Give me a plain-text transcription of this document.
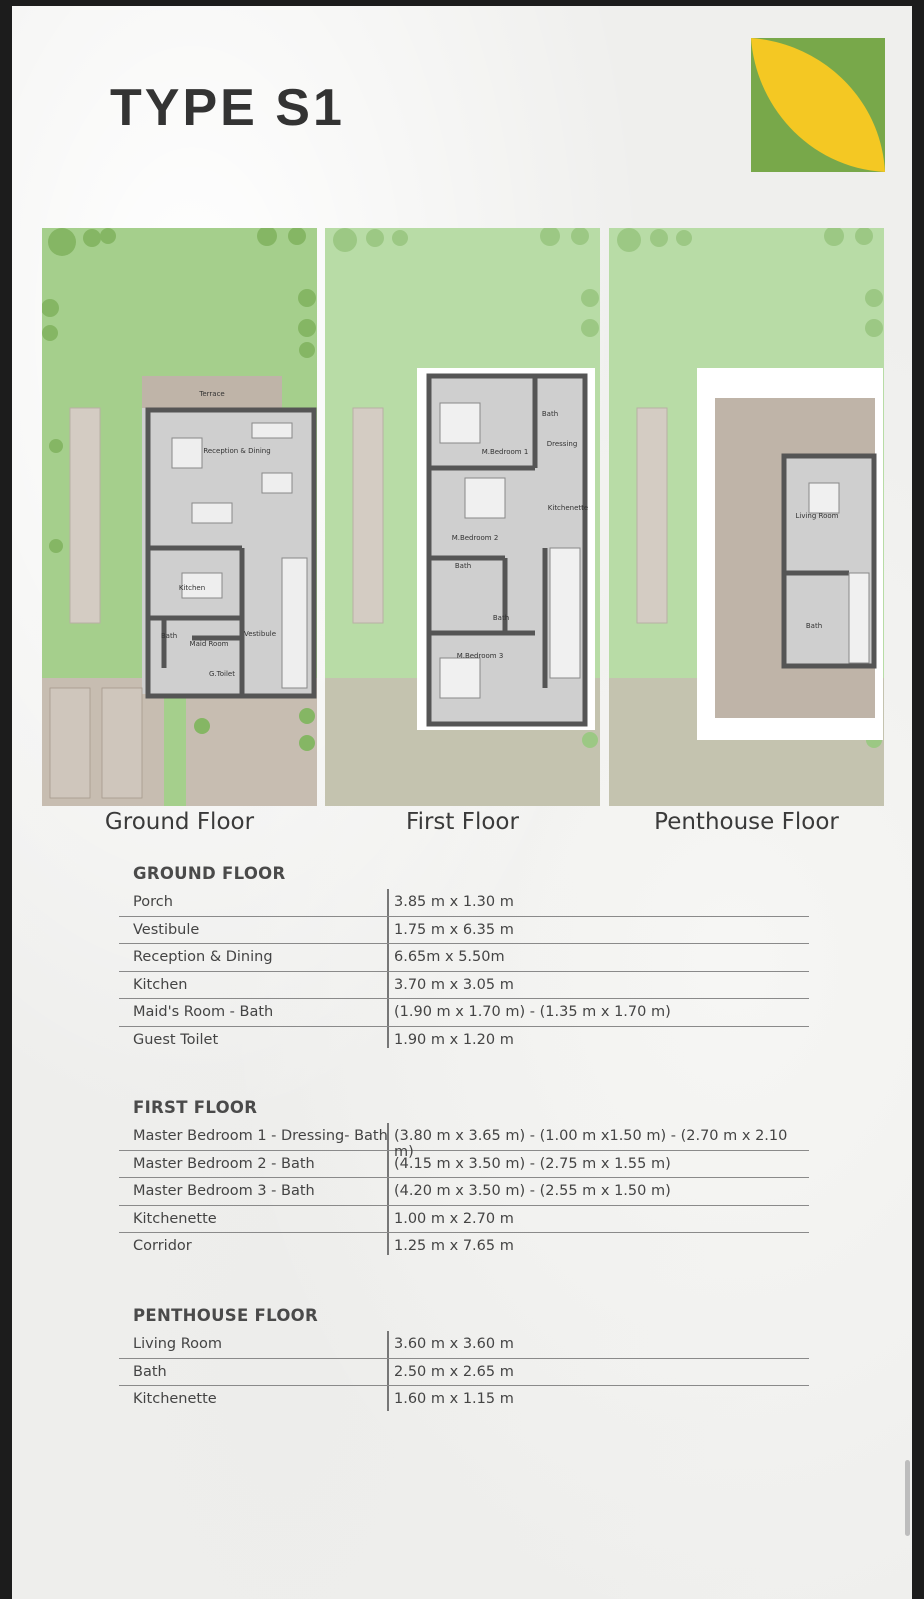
TYPE S1
Terrace
Reception & Dining
Kitchen
Bath
Maid Room
Vestibule
G.Toilet
Bath
Dressing
M.Bedroom 1
Kitchenette
M.Bedroom 2
Bath
Bath
M.Bedroom 3
Living Room
Bath
Ground Floor	First Floor	Penthouse Floor
GROUND FLOOR
Porch	3.85 m x 1.30 m
Vestibule	1.75 m x 6.35 m
Reception & Dining	6.65m x 5.50m
Kitchen	3.70 m x 3.05 m
Maid's Room - Bath	(1.90 m x 1.70 m) - (1.35 m x 1.70 m)
Guest Toilet	1.90 m x 1.20 m
FIRST FLOOR
Master Bedroom 1 - Dressing- Bath (3.80 m x 3.65 m) - (1.00 m x1.50 m) - (2.70 m x 2.10 m)
Master Bedroom 2 - Bath	(4.15 m x 3.50 m) - (2.75 m x 1.55 m)
Master Bedroom 3 - Bath	(4.20 m x 3.50 m) - (2.55 m x 1.50 m)
Kitchenette	1.00 m x 2.70 m
Corridor	1.25 m x 7.65 m
PENTHOUSE FLOOR
Living Room	3.60 m x 3.60 m
Bath	2.50 m x 2.65 m
Kitchenette	1.60 m x 1.15 m
